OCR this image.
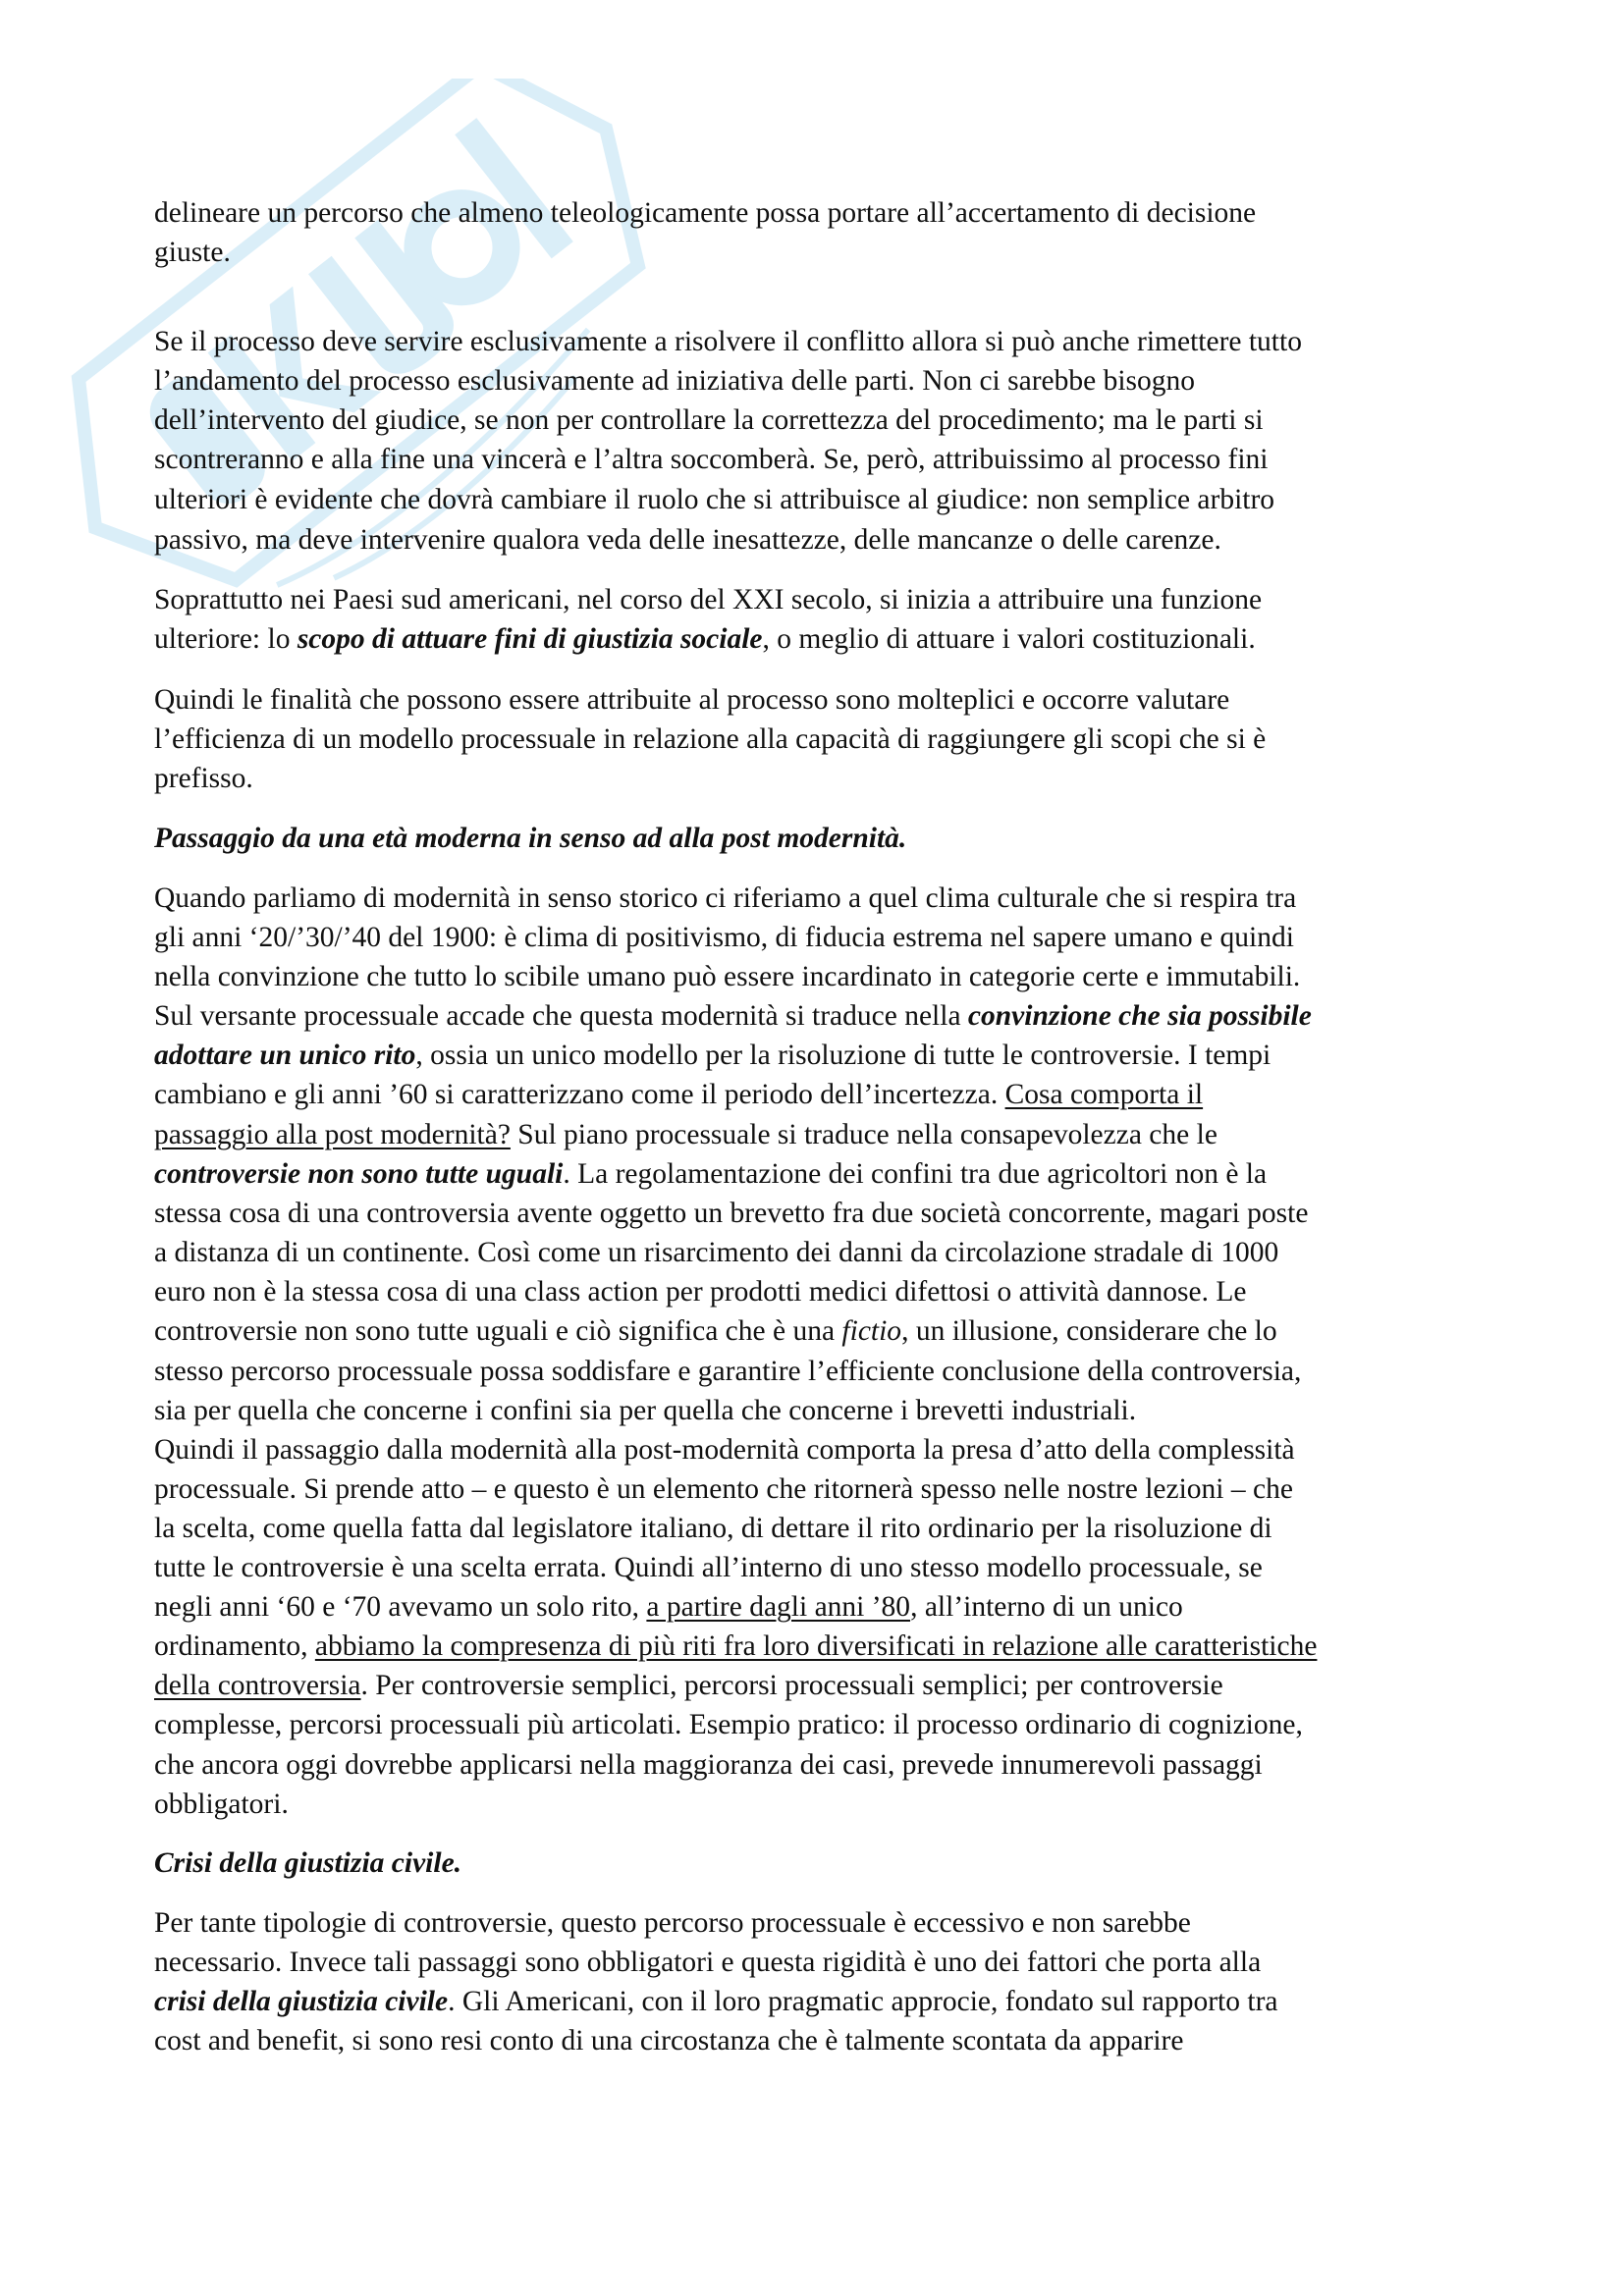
delineare un percorso che almeno teleologicamente possa portare all’accertamento di decisione
giuste.
Se il processo deve servire esclusivamente a risolvere il conflitto allora si può anche rimettere tutto
l’andamento del processo esclusivamente ad iniziativa delle parti. Non ci sarebbe bisogno
dell’intervento del giudice, se non per controllare la correttezza del procedimento; ma le parti si
scontreranno e alla fine una vincerà e l’altra soccomberà. Se, però, attribuissimo al processo fini
ulteriori è evidente che dovrà cambiare il ruolo che si attribuisce al giudice: non semplice arbitro
passivo, ma deve intervenire qualora veda delle inesattezze, delle mancanze o delle carenze.
Soprattutto nei Paesi sud americani, nel corso del XXI secolo, si inizia a attribuire una funzione
ulteriore: lo scopo di attuare fini di giustizia sociale, o meglio di attuare i valori costituzionali.
Quindi le finalità che possono essere attribuite al processo sono molteplici e occorre valutare
l’efficienza di un modello processuale in relazione alla capacità di raggiungere gli scopi che si è
prefisso.
Passaggio da una età moderna in senso ad alla post modernità.
Quando parliamo di modernità in senso storico ci riferiamo a quel clima culturale che si respira tra
gli anni ‘20/’30/’40 del 1900: è clima di positivismo, di fiducia estrema nel sapere umano e quindi
nella convinzione che tutto lo scibile umano può essere incardinato in categorie certe e immutabili.
Sul versante processuale accade che questa modernità si traduce nella convinzione che sia possibile
adottare un unico rito, ossia un unico modello per la risoluzione di tutte le controversie. I tempi
cambiano e gli anni ’60 si caratterizzano come il periodo dell’incertezza. Cosa comporta il
passaggio alla post modernità? Sul piano processuale si traduce nella consapevolezza che le
controversie non sono tutte uguali. La regolamentazione dei confini tra due agricoltori non è la
stessa cosa di una controversia avente oggetto un brevetto fra due società concorrente, magari poste
a distanza di un continente. Così come un risarcimento dei danni da circolazione stradale di 1000
euro non è la stessa cosa di una class action per prodotti medici difettosi o attività dannose. Le
controversie non sono tutte uguali e ciò significa che è una fictio, un illusione, considerare che lo
stesso percorso processuale possa soddisfare e garantire l’efficiente conclusione della controversia,
sia per quella che concerne i confini sia per quella che concerne i brevetti industriali.
Quindi il passaggio dalla modernità alla post-modernità comporta la presa d’atto della complessità
processuale. Si prende atto – e questo è un elemento che ritornerà spesso nelle nostre lezioni – che
la scelta, come quella fatta dal legislatore italiano, di dettare il rito ordinario per la risoluzione di
tutte le controversie è una scelta errata. Quindi all’interno di uno stesso modello processuale, se
negli anni ‘60 e ‘70 avevamo un solo rito, a partire dagli anni ’80, all’interno di un unico
ordinamento, abbiamo la compresenza di più riti fra loro diversificati in relazione alle caratteristiche
della controversia. Per controversie semplici, percorsi processuali semplici; per controversie
complesse, percorsi processuali più articolati. Esempio pratico: il processo ordinario di cognizione,
che ancora oggi dovrebbe applicarsi nella maggioranza dei casi, prevede innumerevoli passaggi
obbligatori.
Crisi della giustizia civile.
Per tante tipologie di controversie, questo percorso processuale è eccessivo e non sarebbe
necessario. Invece tali passaggi sono obbligatori e questa rigidità è uno dei fattori che porta alla
crisi della giustizia civile. Gli Americani, con il loro pragmatic approcie, fondato sul rapporto tra
cost and benefit, si sono resi conto di una circostanza che è talmente scontata da apparire
